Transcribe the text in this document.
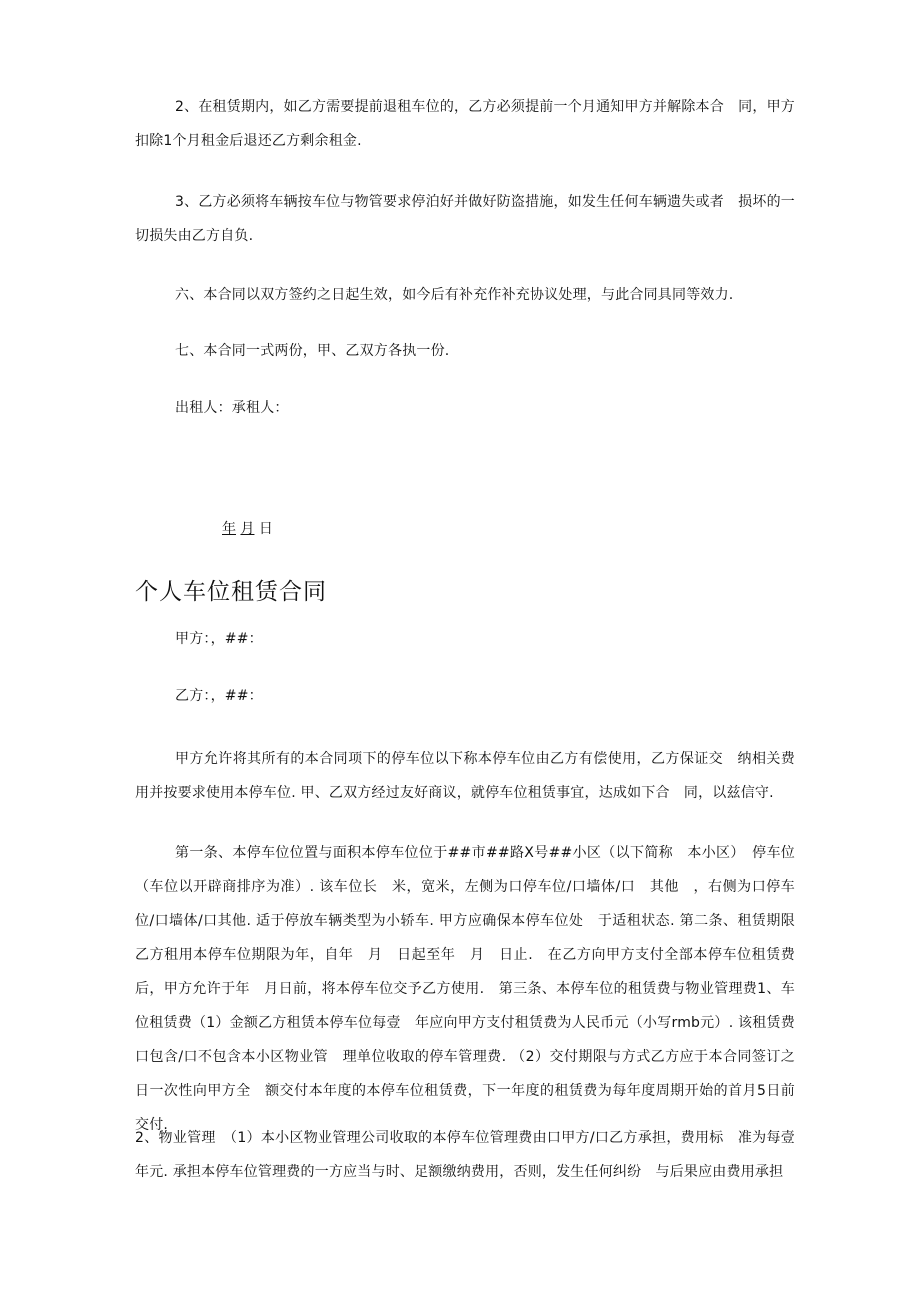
2、在租赁期内，如乙方需要提前退租车位的，乙方必须提前一个月通知甲方并解除本合　同，甲方扣除1个月租金后退还乙方剩余租金.

3、乙方必须将车辆按车位与物管要求停泊好并做好防盗措施，如发生任何车辆遗失或者　损坏的一切损失由乙方自负.

六、本合同以双方签约之日起生效，如今后有补充作补充协议处理，与此合同具同等效力.

七、本合同一式两份，甲、乙双方各执一份.

出租人：承租人：

年 月 日

个人车位租赁合同

甲方：，##：

乙方：，##：

甲方允许将其所有的本合同项下的停车位以下称本停车位由乙方有偿使用，乙方保证交　纳相关费用并按要求使用本停车位. 甲、乙双方经过友好商议，就停车位租赁事宜，达成如下合　同，以兹信守.

第一条、本停车位位置与面积本停车位位于##市##路X号##小区（以下简称　本小区）　停车位（车位以开辟商排序为准）. 该车位长　米，宽米，左侧为口停车位/口墙体/口　其他　，右侧为口停车位/口墙体/口其他. 适于停放车辆类型为小轿车. 甲方应确保本停车位处　于适租状态. 第二条、租赁期限乙方租用本停车位期限为年，自年　月　日起至年　月　日止.　在乙方向甲方支付全部本停车位租赁费后，甲方允许于年　月日前，将本停车位交予乙方使用.　第三条、本停车位的租赁费与物业管理费1、车位租赁费（1）金额乙方租赁本停车位每壹　年应向甲方支付租赁费为人民币元（小写rmb元）. 该租赁费口包含/口不包含本小区物业管　理单位收取的停车管理费. （2）交付期限与方式乙方应于本合同签订之日一次性向甲方全　额交付本年度的本停车位租赁费，下一年度的租赁费为每年度周期开始的首月5日前交付.

2、物业管理　（1）本小区物业管理公司收取的本停车位管理费由口甲方/口乙方承担，费用标　准为每壹年元. 承担本停车位管理费的一方应当与时、足额缴纳费用，否则，发生任何纠纷　与后果应由费用承担
